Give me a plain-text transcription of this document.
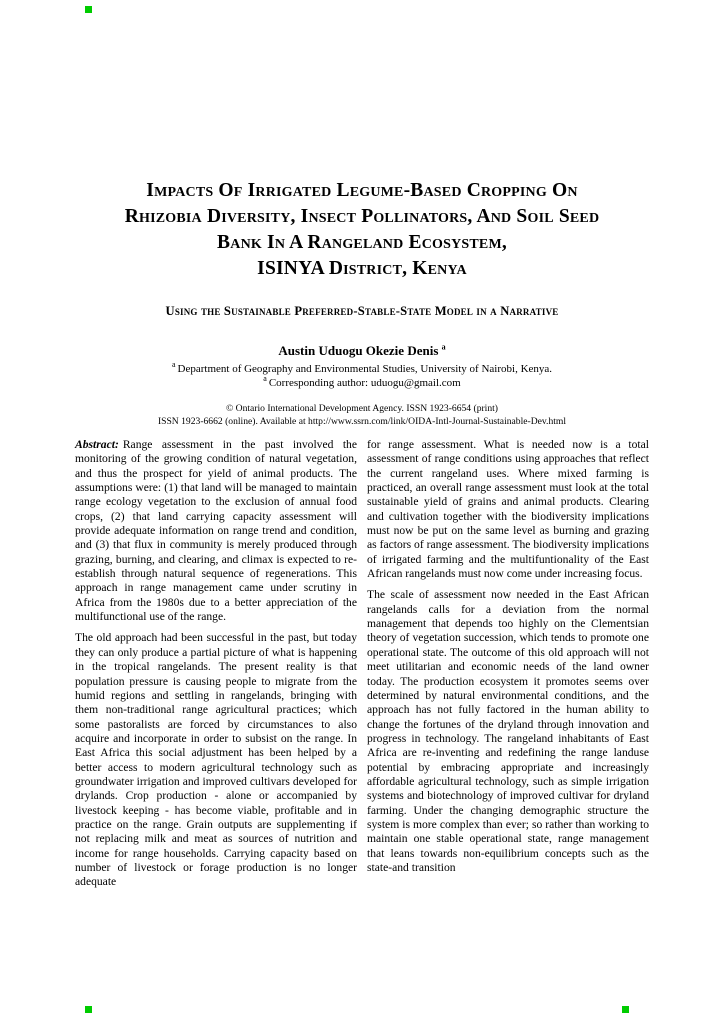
Impacts Of Irrigated Legume-Based Cropping On
Rhizobia Diversity, Insect Pollinators, And Soil Seed
Bank In A Rangeland Ecosystem,
ISINYA District, Kenya
Using the Sustainable Preferred-Stable-State Model in a Narrative
Austin Uduogu Okezie Denis $^a$
$^a$ Department of Geography and Environmental Studies, University of Nairobi, Kenya.
$^a$ Corresponding author: uduogu@gmail.com
© Ontario International Development Agency. ISSN 1923-6654 (print)
ISSN 1923-6662 (online). Available at http://www.ssrn.com/link/OIDA-Intl-Journal-Sustainable-Dev.html

Abstract: Range assessment in the past involved the monitoring of the growing condition of natural vegetation, and thus the prospect for yield of animal products. The assumptions were: (1) that land will be managed to maintain range ecology vegetation to the exclusion of annual food crops, (2) that land carrying capacity assessment will provide adequate information on range trend and condition, and (3) that flux in community is merely produced through grazing, burning, and clearing, and climax is expected to re-establish through natural sequence of regenerations. This approach in range management came under scrutiny in Africa from the 1980s due to a better appreciation of the multifunctional use of the range.

The old approach had been successful in the past, but today they can only produce a partial picture of what is happening in the tropical rangelands. The present reality is that population pressure is causing people to migrate from the humid regions and settling in rangelands, bringing with them non-traditional range agricultural practices; which some pastoralists are forced by circumstances to also acquire and incorporate in order to subsist on the range. In East Africa this social adjustment has been helped by a better access to modern agricultural technology such as groundwater irrigation and improved cultivars developed for drylands. Crop production - alone or accompanied by livestock keeping - has become viable, profitable and in practice on the range. Grain outputs are supplementing if not replacing milk and meat as sources of nutrition and income for range households. Carrying capacity based on number of livestock or forage production is no longer adequate

for range assessment. What is needed now is a total assessment of range conditions using approaches that reflect the current rangeland uses. Where mixed farming is practiced, an overall range assessment must look at the total sustainable yield of grains and animal products. Clearing and cultivation together with the biodiversity implications must now be put on the same level as burning and grazing as factors of range assessment. The biodiversity implications of irrigated farming and the multifuntionality of the East African rangelands must now come under increasing focus.

The scale of assessment now needed in the East African rangelands calls for a deviation from the normal management that depends too highly on the Clementsian theory of vegetation succession, which tends to promote one operational state. The outcome of this old approach will not meet utilitarian and economic needs of the land owner today. The production ecosystem it promotes seems over determined by natural environmental conditions, and the approach has not fully factored in the human ability to change the fortunes of the dryland through innovation and progress in technology. The rangeland inhabitants of East Africa are re-inventing and redefining the range landuse potential by embracing appropriate and increasingly affordable agricultural technology, such as simple irrigation systems and biotechnology of improved cultivar for dryland farming. Under the changing demographic structure the system is more complex than ever; so rather than working to maintain one stable operational state, range management that leans towards non-equilibrium concepts such as the state-and transition
